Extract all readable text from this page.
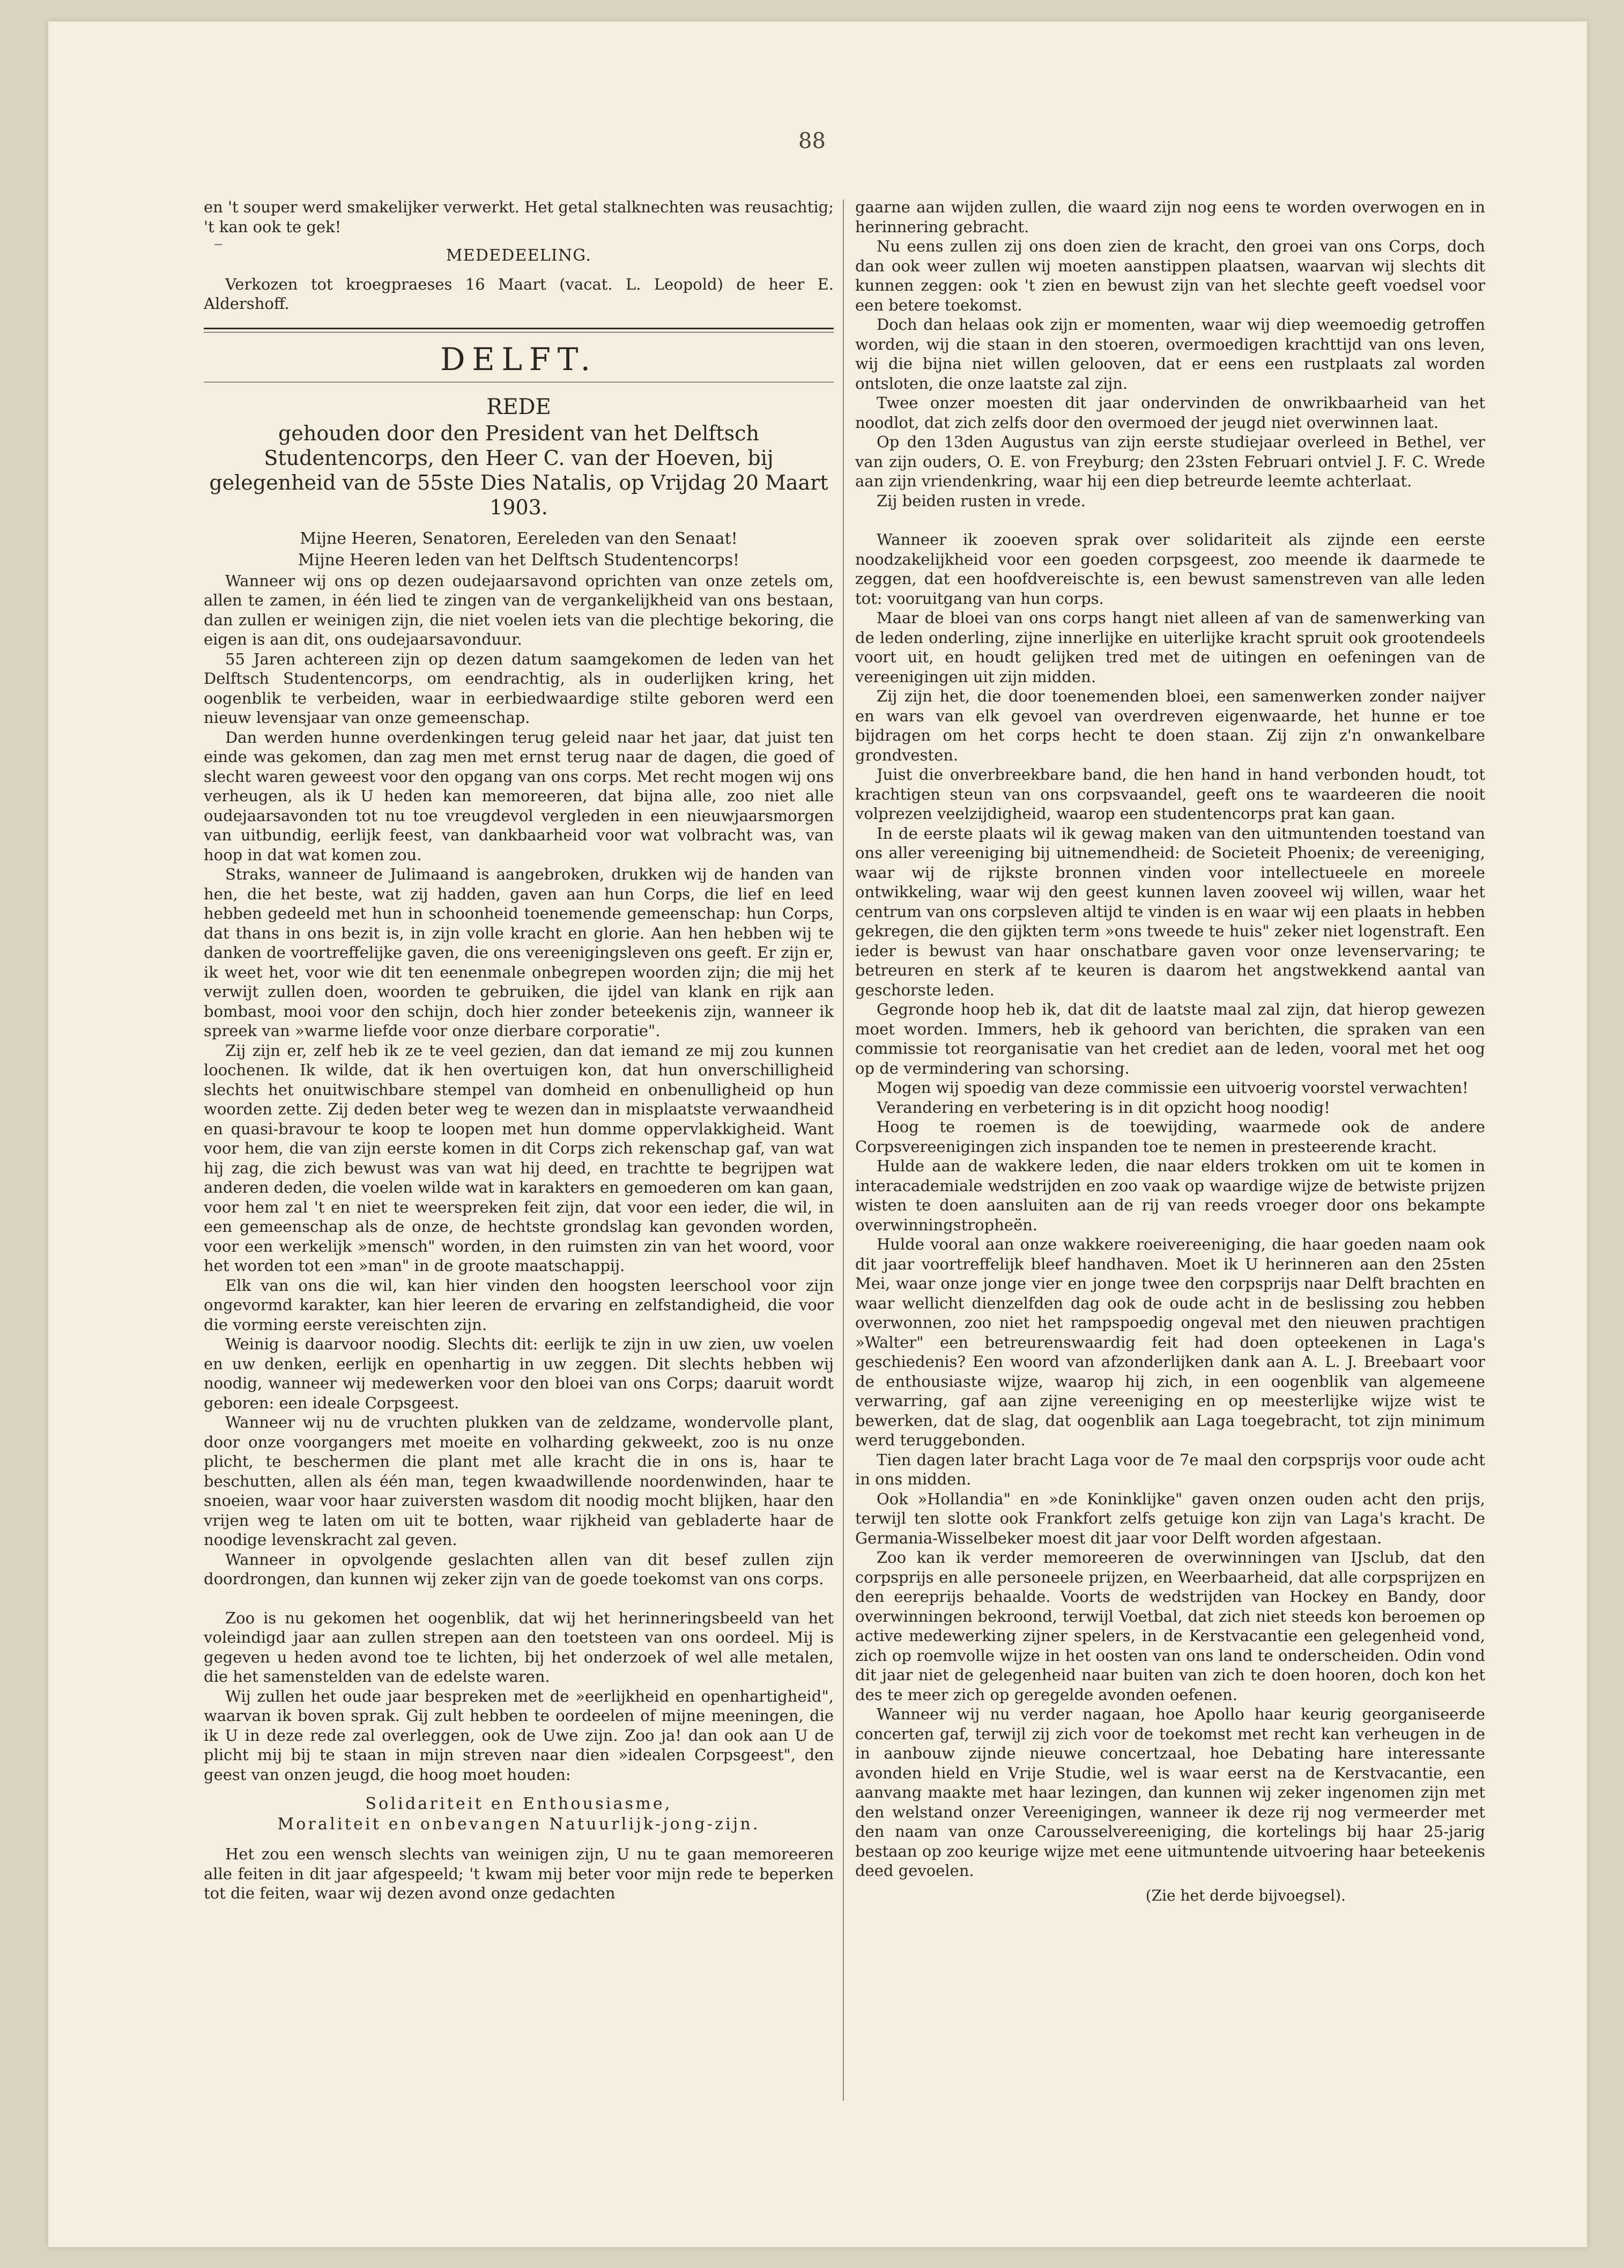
88

en 't souper werd smakelijker verwerkt. Het getal stalknechten was reusachtig; 't kan ook te gek!

MEDEDEELING.

Verkozen tot kroegpraeses 16 Maart (vacat. L. Leopold) de heer E. Aldershoff.

DELFT.
REDE
gehouden door den President van het Delftsch Studentencorps, den Heer C. van der Hoeven, bij gelegenheid van de 55ste Dies Natalis, op Vrijdag 20 Maart 1903.
Mijne Heeren, Senatoren, Eereleden van den Senaat!
Mijne Heeren leden van het Delftsch Studentencorps!

Wanneer wij ons op dezen oudejaarsavond oprichten van onze zetels om, allen te zamen, in één lied te zingen van de vergankelijkheid van ons bestaan, dan zullen er weinigen zijn, die niet voelen iets van die plechtige bekoring, die eigen is aan dit, ons oudejaarsavonduur.

55 Jaren achtereen zijn op dezen datum saamgekomen de leden van het Delftsch Studentencorps, om eendrachtig, als in ouderlijken kring, het oogenblik te verbeiden, waar in eerbiedwaardige stilte geboren werd een nieuw levensjaar van onze gemeenschap.

Dan werden hunne overdenkingen terug geleid naar het jaar, dat juist ten einde was gekomen, dan zag men met ernst terug naar de dagen, die goed of slecht waren geweest voor den opgang van ons corps. Met recht mogen wij ons verheugen, als ik U heden kan memoreeren, dat bijna alle, zoo niet alle oudejaarsavonden tot nu toe vreugdevol vergleden in een nieuwjaarsmorgen van uitbundig, eerlijk feest, van dankbaarheid voor wat volbracht was, van hoop in dat wat komen zou.

Straks, wanneer de Julimaand is aangebroken, drukken wij de handen van hen, die het beste, wat zij hadden, gaven aan hun Corps, die lief en leed hebben gedeeld met hun in schoonheid toenemende gemeenschap: hun Corps, dat thans in ons bezit is, in zijn volle kracht en glorie. Aan hen hebben wij te danken de voortreffelijke gaven, die ons vereenigingsleven ons geeft. Er zijn er, ik weet het, voor wie dit ten eenenmale onbegrepen woorden zijn; die mij het verwijt zullen doen, woorden te gebruiken, die ijdel van klank en rijk aan bombast, mooi voor den schijn, doch hier zonder beteekenis zijn, wanneer ik spreek van »warme liefde voor onze dierbare corporatie".

Zij zijn er, zelf heb ik ze te veel gezien, dan dat iemand ze mij zou kunnen loochenen. Ik wilde, dat ik hen overtuigen kon, dat hun onverschilligheid slechts het onuitwischbare stempel van domheid en onbenulligheid op hun woorden zette. Zij deden beter weg te wezen dan in misplaatste verwaandheid en quasi-bravour te koop te loopen met hun domme oppervlakkigheid. Want voor hem, die van zijn eerste komen in dit Corps zich rekenschap gaf, van wat hij zag, die zich bewust was van wat hij deed, en trachtte te begrijpen wat anderen deden, die voelen wilde wat in karakters en gemoederen om kan gaan, voor hem zal 't en niet te weerspreken feit zijn, dat voor een ieder, die wil, in een gemeenschap als de onze, de hechtste grondslag kan gevonden worden, voor een werkelijk »mensch" worden, in den ruimsten zin van het woord, voor het worden tot een »man" in de groote maatschappij.

Elk van ons die wil, kan hier vinden den hoogsten leerschool voor zijn ongevormd karakter, kan hier leeren de ervaring en zelfstandigheid, die voor die vorming eerste vereischten zijn.

Weinig is daarvoor noodig. Slechts dit: eerlijk te zijn in uw zien, uw voelen en uw denken, eerlijk en openhartig in uw zeggen. Dit slechts hebben wij noodig, wanneer wij medewerken voor den bloei van ons Corps; daaruit wordt geboren: een ideale Corpsgeest.

Wanneer wij nu de vruchten plukken van de zeldzame, wondervolle plant, door onze voorgangers met moeite en volharding gekweekt, zoo is nu onze plicht, te beschermen die plant met alle kracht die in ons is, haar te beschutten, allen als één man, tegen kwaadwillende noordenwinden, haar te snoeien, waar voor haar zuiversten wasdom dit noodig mocht blijken, haar den vrijen weg te laten om uit te botten, waar rijkheid van gebladerte haar de noodige levenskracht zal geven.

Wanneer in opvolgende geslachten allen van dit besef zullen zijn doordrongen, dan kunnen wij zeker zijn van de goede toekomst van ons corps.

Zoo is nu gekomen het oogenblik, dat wij het herinneringsbeeld van het voleindigd jaar aan zullen strepen aan den toetsteen van ons oordeel. Mij is gegeven u heden avond toe te lichten, bij het onderzoek of wel alle metalen, die het samenstelden van de edelste waren.

Wij zullen het oude jaar bespreken met de »eerlijkheid en openhartigheid", waarvan ik boven sprak. Gij zult hebben te oordeelen of mijne meeningen, die ik U in deze rede zal overleggen, ook de Uwe zijn. Zoo ja! dan ook aan U de plicht mij bij te staan in mijn streven naar dien »idealen Corpsgeest", den geest van onzen jeugd, die hoog moet houden:

Solidariteit en Enthousiasme,
Moraliteit en onbevangen Natuurlijk-jong-zijn.

Het zou een wensch slechts van weinigen zijn, U nu te gaan memoreeren alle feiten in dit jaar afgespeeld; 't kwam mij beter voor mijn rede te beperken tot die feiten, waar wij dezen avond onze gedachten

gaarne aan wijden zullen, die waard zijn nog eens te worden overwogen en in herinnering gebracht.

Nu eens zullen zij ons doen zien de kracht, den groei van ons Corps, doch dan ook weer zullen wij moeten aanstippen plaatsen, waarvan wij slechts dit kunnen zeggen: ook 't zien en bewust zijn van het slechte geeft voedsel voor een betere toekomst.

Doch dan helaas ook zijn er momenten, waar wij diep weemoedig getroffen worden, wij die staan in den stoeren, overmoedigen krachttijd van ons leven, wij die bijna niet willen gelooven, dat er eens een rustplaats zal worden ontsloten, die onze laatste zal zijn.

Twee onzer moesten dit jaar ondervinden de onwrikbaarheid van het noodlot, dat zich zelfs door den overmoed der jeugd niet overwinnen laat.

Op den 13den Augustus van zijn eerste studiejaar overleed in Bethel, ver van zijn ouders, O. E. von Freyburg; den 23sten Februari ontviel J. F. C. Wrede aan zijn vriendenkring, waar hij een diep betreurde leemte achterlaat.

Zij beiden rusten in vrede.

Wanneer ik zooeven sprak over solidariteit als zijnde een eerste noodzakelijkheid voor een goeden corpsgeest, zoo meende ik daarmede te zeggen, dat een hoofdvereischte is, een bewust samenstreven van alle leden tot: vooruitgang van hun corps.

Maar de bloei van ons corps hangt niet alleen af van de samenwerking van de leden onderling, zijne innerlijke en uiterlijke kracht spruit ook grootendeels voort uit, en houdt gelijken tred met de uitingen en oefeningen van de vereenigingen uit zijn midden.

Zij zijn het, die door toenemenden bloei, een samenwerken zonder naijver en wars van elk gevoel van overdreven eigenwaarde, het hunne er toe bijdragen om het corps hecht te doen staan. Zij zijn z'n onwankelbare grondvesten.

Juist die onverbreekbare band, die hen hand in hand verbonden houdt, tot krachtigen steun van ons corpsvaandel, geeft ons te waardeeren die nooit volprezen veelzijdigheid, waarop een studentencorps prat kan gaan.

In de eerste plaats wil ik gewag maken van den uitmuntenden toestand van ons aller vereeniging bij uitnemendheid: de Societeit Phoenix; de vereeniging, waar wij de rijkste bronnen vinden voor intellectueele en moreele ontwikkeling, waar wij den geest kunnen laven zooveel wij willen, waar het centrum van ons corpsleven altijd te vinden is en waar wij een plaats in hebben gekregen, die den gijkten term »ons tweede te huis" zeker niet logenstraft. Een ieder is bewust van haar onschatbare gaven voor onze levenservaring; te betreuren en sterk af te keuren is daarom het angstwekkend aantal van geschorste leden.

Gegronde hoop heb ik, dat dit de laatste maal zal zijn, dat hierop gewezen moet worden. Immers, heb ik gehoord van berichten, die spraken van een commissie tot reorganisatie van het crediet aan de leden, vooral met het oog op de vermindering van schorsing.

Mogen wij spoedig van deze commissie een uitvoerig voorstel verwachten!

Verandering en verbetering is in dit opzicht hoog noodig!

Hoog te roemen is de toewijding, waarmede ook de andere Corpsvereenigingen zich inspanden toe te nemen in presteerende kracht.

Hulde aan de wakkere leden, die naar elders trokken om uit te komen in interacademiale wedstrijden en zoo vaak op waardige wijze de betwiste prijzen wisten te doen aansluiten aan de rij van reeds vroeger door ons bekampte overwinningstropheën.

Hulde vooral aan onze wakkere roeivereeniging, die haar goeden naam ook dit jaar voortreffelijk bleef handhaven. Moet ik U herinneren aan den 25sten Mei, waar onze jonge vier en jonge twee den corpsprijs naar Delft brachten en waar wellicht dienzelfden dag ook de oude acht in de beslissing zou hebben overwonnen, zoo niet het rampspoedig ongeval met den nieuwen prachtigen »Walter" een betreurenswaardig feit had doen opteekenen in Laga's geschiedenis? Een woord van afzonderlijken dank aan A. L. J. Breebaart voor de enthousiaste wijze, waarop hij zich, in een oogenblik van algemeene verwarring, gaf aan zijne vereeniging en op meesterlijke wijze wist te bewerken, dat de slag, dat oogenblik aan Laga toegebracht, tot zijn minimum werd teruggebonden.

Tien dagen later bracht Laga voor de 7e maal den corpsprijs voor oude acht in ons midden.

Ook »Hollandia" en »de Koninklijke" gaven onzen ouden acht den prijs, terwijl ten slotte ook Frankfort zelfs getuige kon zijn van Laga's kracht. De Germania-Wisselbeker moest dit jaar voor Delft worden afgestaan.

Zoo kan ik verder memoreeren de overwinningen van IJsclub, dat den corpsprijs en alle personeele prijzen, en Weerbaarheid, dat alle corpsprijzen en den eereprijs behaalde. Voorts de wedstrijden van Hockey en Bandy, door overwinningen bekroond, terwijl Voetbal, dat zich niet steeds kon beroemen op active medewerking zijner spelers, in de Kerstvacantie een gelegenheid vond, zich op roemvolle wijze in het oosten van ons land te onderscheiden. Odin vond dit jaar niet de gelegenheid naar buiten van zich te doen hooren, doch kon het des te meer zich op geregelde avonden oefenen.

Wanneer wij nu verder nagaan, hoe Apollo haar keurig georganiseerde concerten gaf, terwijl zij zich voor de toekomst met recht kan verheugen in de in aanbouw zijnde nieuwe concertzaal, hoe Debating hare interessante avonden hield en Vrije Studie, wel is waar eerst na de Kerstvacantie, een aanvang maakte met haar lezingen, dan kunnen wij zeker ingenomen zijn met den welstand onzer Vereenigingen, wanneer ik deze rij nog vermeerder met den naam van onze Carousselvereeniging, die kortelings bij haar 25-jarig bestaan op zoo keurige wijze met eene uitmuntende uitvoering haar beteekenis deed gevoelen.

(Zie het derde bijvoegsel).
